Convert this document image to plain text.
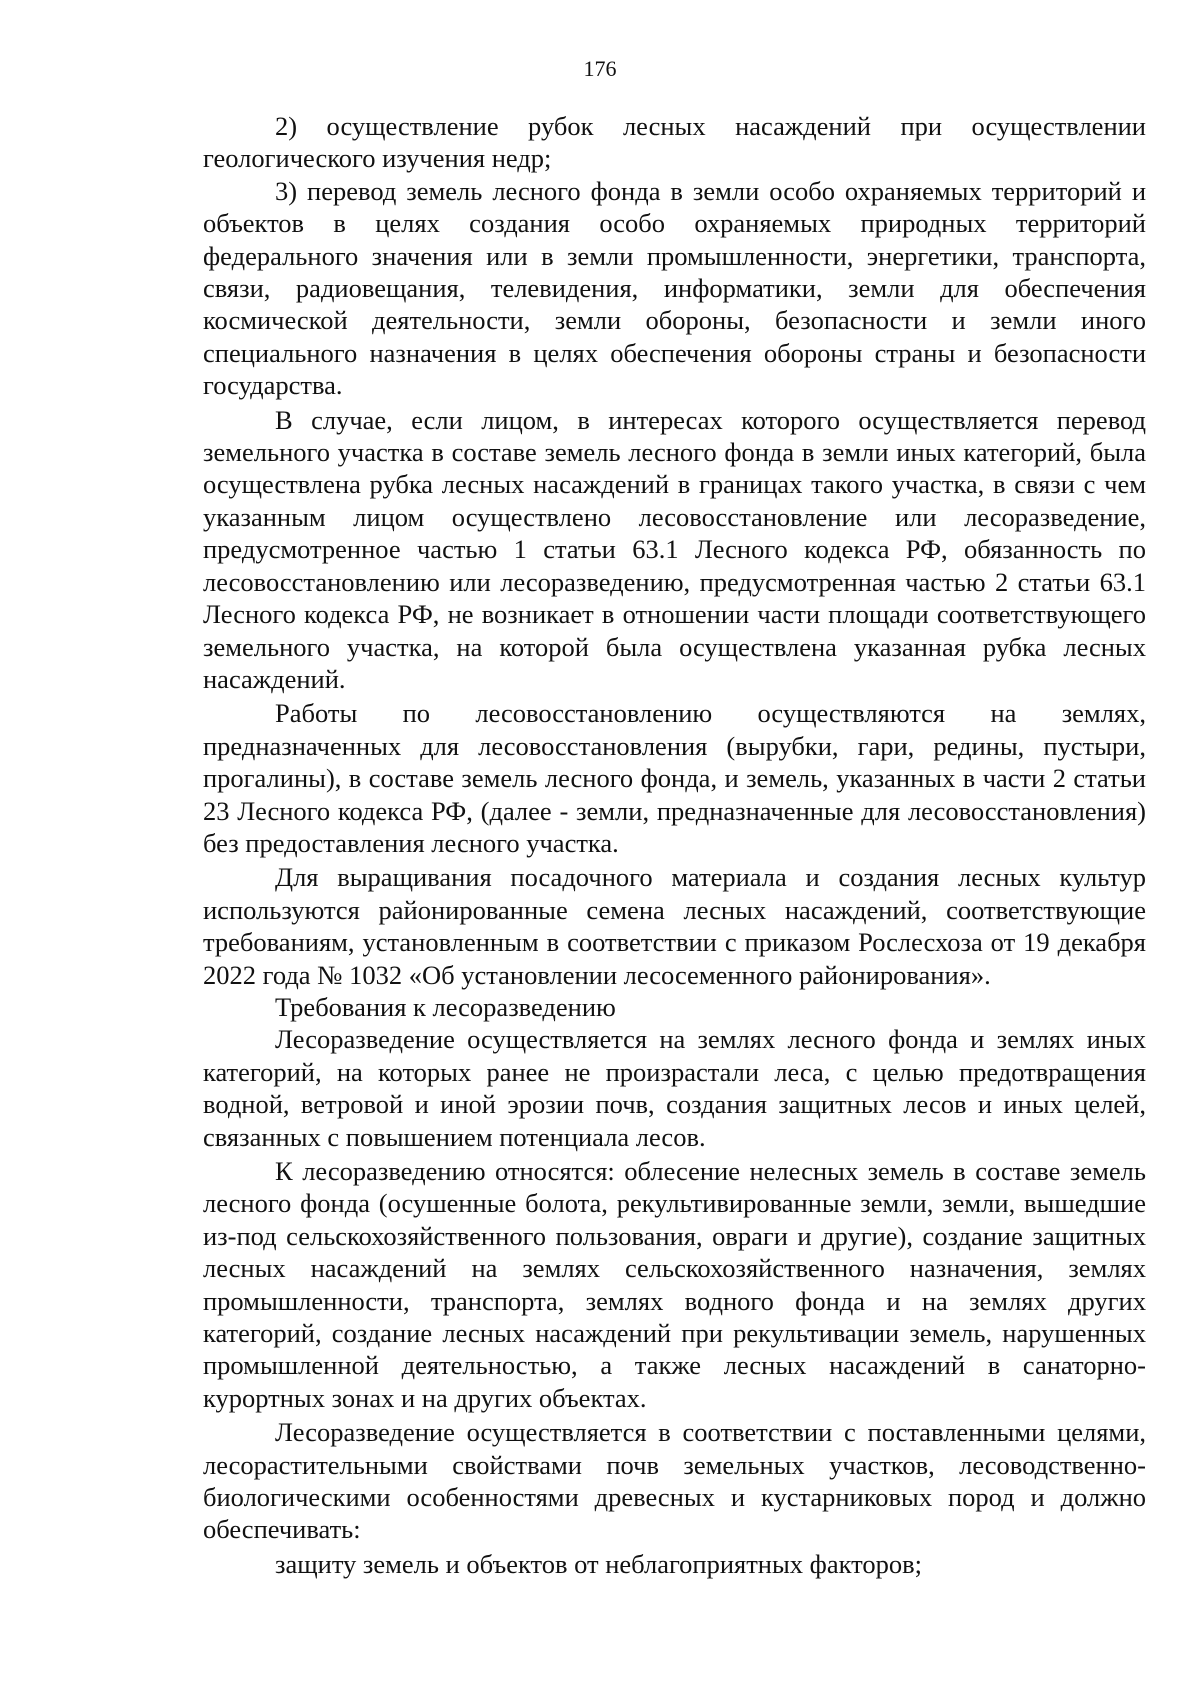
176

2) осуществление рубок лесных насаждений при осуществлении геологического изучения недр;

3) перевод земель лесного фонда в земли особо охраняемых территорий и объектов в целях создания особо охраняемых природных территорий федерального значения или в земли промышленности, энергетики, транспорта, связи, радиовещания, телевидения, информатики, земли для обеспечения космической деятельности, земли обороны, безопасности и земли иного специального назначения в целях обеспечения обороны страны и безопасности государства.

В случае, если лицом, в интересах которого осуществляется перевод земельного участка в составе земель лесного фонда в земли иных категорий, была осуществлена рубка лесных насаждений в границах такого участка, в связи с чем указанным лицом осуществлено лесовосстановление или лесоразведение, предусмотренное частью 1 статьи 63.1 Лесного кодекса РФ, обязанность по лесовосстановлению или лесоразведению, предусмотренная частью 2 статьи 63.1 Лесного кодекса РФ, не возникает в отношении части площади соответствующего земельного участка, на которой была осуществлена указанная рубка лесных насаждений.

Работы по лесовосстановлению осуществляются на землях, предназначенных для лесовосстановления (вырубки, гари, редины, пустыри, прогалины), в составе земель лесного фонда, и земель, указанных в части 2 статьи 23 Лесного кодекса РФ, (далее - земли, предназначенные для лесовосстановления) без предоставления лесного участка.

Для выращивания посадочного материала и создания лесных культур используются районированные семена лесных насаждений, соответствующие требованиям, установленным в соответствии с приказом Рослесхоза от 19 декабря 2022 года № 1032 «Об установлении лесосеменного районирования».

Требования к лесоразведению

Лесоразведение осуществляется на землях лесного фонда и землях иных категорий, на которых ранее не произрастали леса, с целью предотвращения водной, ветровой и иной эрозии почв, создания защитных лесов и иных целей, связанных с повышением потенциала лесов.

К лесоразведению относятся: облесение нелесных земель в составе земель лесного фонда (осушенные болота, рекультивированные земли, земли, вышедшие из-под сельскохозяйственного пользования, овраги и другие), создание защитных лесных насаждений на землях сельскохозяйственного назначения, землях промышленности, транспорта, землях водного фонда и на землях других категорий, создание лесных насаждений при рекультивации земель, нарушенных промышленной деятельностью, а также лесных насаждений в санаторно-курортных зонах и на других объектах.

Лесоразведение осуществляется в соответствии с поставленными целями, лесорастительными свойствами почв земельных участков, лесоводственно-биологическими особенностями древесных и кустарниковых пород и должно обеспечивать:

защиту земель и объектов от неблагоприятных факторов;
